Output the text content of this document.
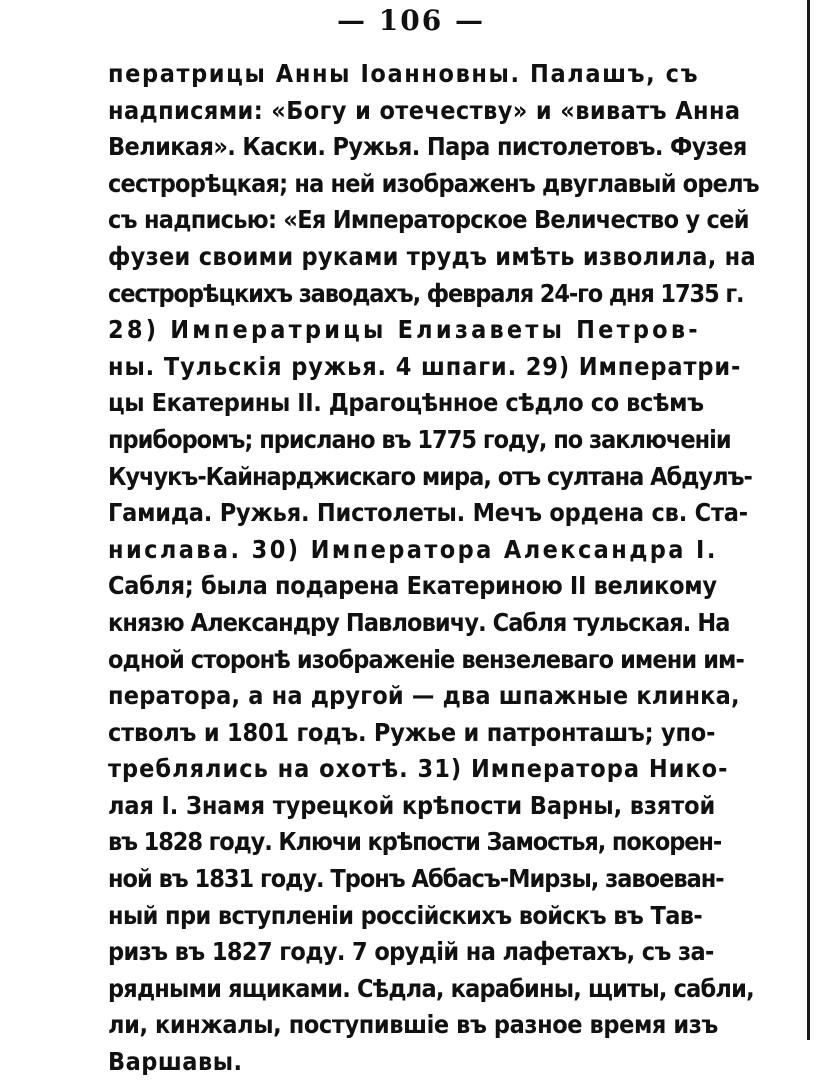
— 106 —
ператрицы Анны Іоанновны. Палашъ, съ
надписями: «Богу и отечеству» и «виватъ Анна
Великая». Каски. Ружья. Пара пистолетовъ. Фузея
сестрорѣцкая; на ней изображенъ двуглавый орелъ
съ надписью: «Ея Императорское Величество у сей
фузеи своими руками трудъ имѣть изволила, на
сестрорѣцкихъ заводахъ, февраля 24-го дня 1735 г.
28) Императрицы Елизаветы Петров-
ны. Тульскія ружья. 4 шпаги. 29) Императри-
цы Екатерины II. Драгоцѣнное сѣдло со всѣмъ
приборомъ; прислано въ 1775 году, по заключеніи
Кучукъ-Кайнарджискаго мира, отъ султана Абдулъ-
Гамида. Ружья. Пистолеты. Мечъ ордена св. Ста-
нислава. 30) Императора Александра I.
Сабля; была подарена Екатериною II великому
князю Александру Павловичу. Сабля тульская. На
одной сторонѣ изображеніе вензелеваго имени им-
ператора, а на другой — два шпажные клинка,
стволъ и 1801 годъ. Ружье и патронташъ; упо-
треблялись на охотѣ. 31) Императора Нико-
лая I. Знамя турецкой крѣпости Варны, взятой
въ 1828 году. Ключи крѣпости Замостья, покорен-
ной въ 1831 году. Тронъ Аббасъ-Мирзы, завоеван-
ный при вступленіи россійскихъ войскъ въ Тав-
ризъ въ 1827 году. 7 орудій на лафетахъ, съ за-
рядными ящиками. Сѣдла, карабины, щиты, сабли,
ли, кинжалы, поступившіе въ разное время изъ
Варшавы.
